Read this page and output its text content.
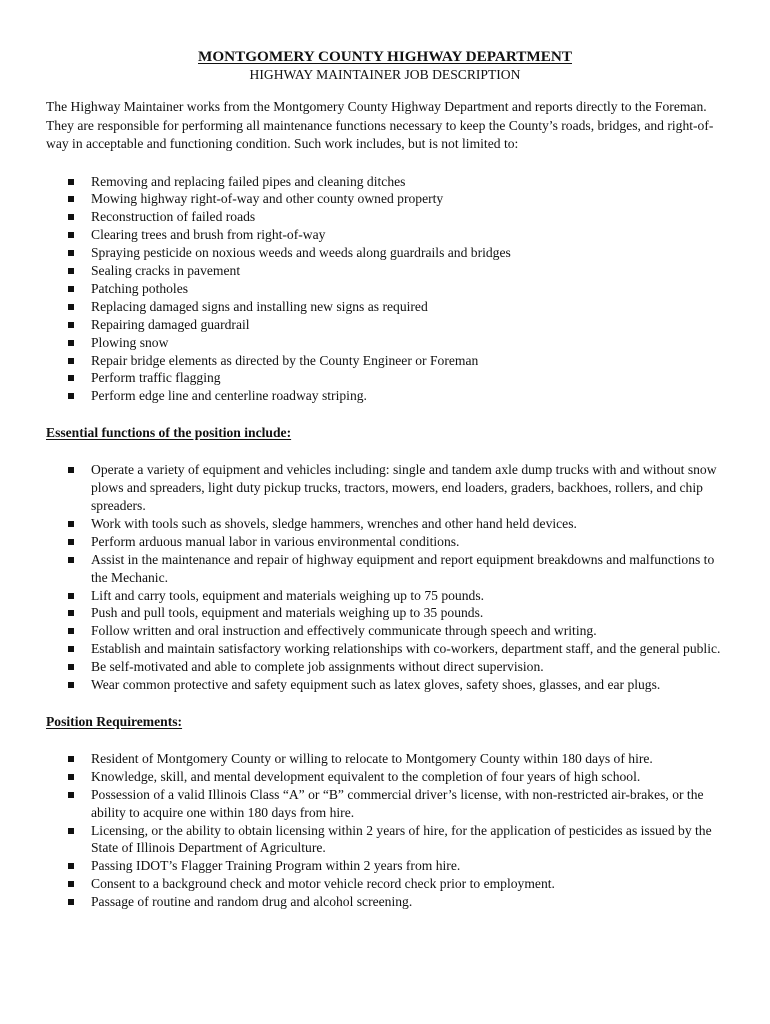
MONTGOMERY COUNTY HIGHWAY DEPARTMENT
HIGHWAY MAINTAINER JOB DESCRIPTION

The Highway Maintainer works from the Montgomery County Highway Department and reports directly to the Foreman. They are responsible for performing all maintenance functions necessary to keep the County’s roads, bridges, and right-of-way in acceptable and functioning condition. Such work includes, but is not limited to:

Removing and replacing failed pipes and cleaning ditches
Mowing highway right-of-way and other county owned property
Reconstruction of failed roads
Clearing trees and brush from right-of-way
Spraying pesticide on noxious weeds and weeds along guardrails and bridges
Sealing cracks in pavement
Patching potholes
Replacing damaged signs and installing new signs as required
Repairing damaged guardrail
Plowing snow
Repair bridge elements as directed by the County Engineer or Foreman
Perform traffic flagging
Perform edge line and centerline roadway striping.
Essential functions of the position include:
Operate a variety of equipment and vehicles including: single and tandem axle dump trucks with and without snow plows and spreaders, light duty pickup trucks, tractors, mowers, end loaders, graders, backhoes, rollers, and chip spreaders.
Work with tools such as shovels, sledge hammers, wrenches and other hand held devices.
Perform arduous manual labor in various environmental conditions.
Assist in the maintenance and repair of highway equipment and report equipment breakdowns and malfunctions to the Mechanic.
Lift and carry tools, equipment and materials weighing up to 75 pounds.
Push and pull tools, equipment and materials weighing up to 35 pounds.
Follow written and oral instruction and effectively communicate through speech and writing.
Establish and maintain satisfactory working relationships with co-workers, department staff, and the general public.
Be self-motivated and able to complete job assignments without direct supervision.
Wear common protective and safety equipment such as latex gloves, safety shoes, glasses, and ear plugs.
Position Requirements:
Resident of Montgomery County or willing to relocate to Montgomery County within 180 days of hire.
Knowledge, skill, and mental development equivalent to the completion of four years of high school.
Possession of a valid Illinois Class “A” or “B” commercial driver’s license, with non-restricted air-brakes, or the ability to acquire one within 180 days from hire.
Licensing, or the ability to obtain licensing within 2 years of hire, for the application of pesticides as issued by the State of Illinois Department of Agriculture.
Passing IDOT’s Flagger Training Program within 2 years from hire.
Consent to a background check and motor vehicle record check prior to employment.
Passage of routine and random drug and alcohol screening.
